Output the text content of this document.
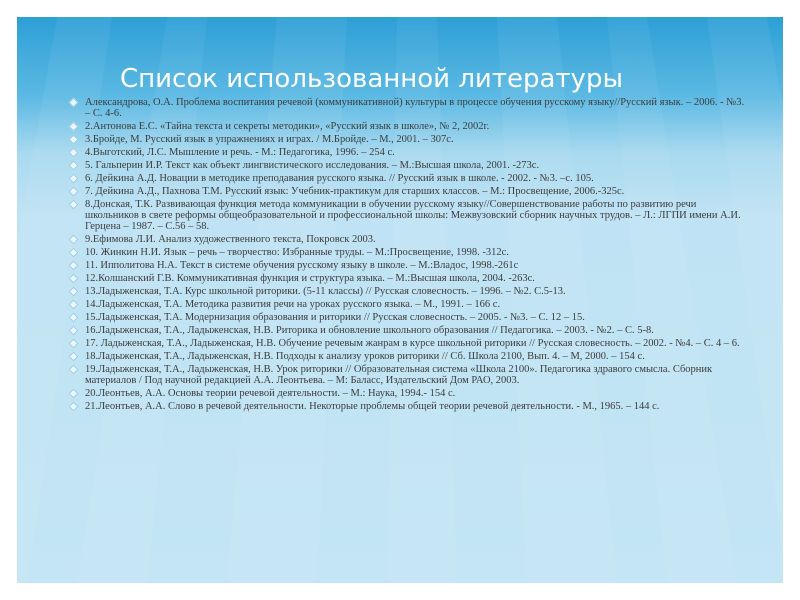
Список использованной литературы
Александрова, О.А. Проблема воспитания речевой (коммуникативной) культуры в процессе обучения русскому языку//Русский язык. – 2006. - №3. – С. 4-6.
2.Антонова Е.С. «Тайна текста и секреты методики», «Русский язык в школе», № 2, 2002г.
3.Бройде, М. Русский язык в упражнениях и играх. / М.Бройде. – М., 2001. – 307с.
4.Выготский, Л.С. Мышление и речь. - М.: Педагогика, 1996. – 254 с.
5. Гальперин И.Р. Текст как объект лингвистического исследования. – М.:Высшая школа, 2001. -273с.
6. Дейкина А.Д. Новации в методике преподавания русского языка. // Русский язык в школе. - 2002. - №3. –с. 105.
7. Дейкина А.Д., Пахнова Т.М. Русский язык: Учебник-практикум для старших классов. – М.: Просвещение, 2006.-325с.
8.Донская, Т.К. Развивающая функция метода коммуникации в обучении русскому языку//Совершенствование работы по развитию речи школьников в свете реформы общеобразовательной и профессиональной школы: Межвузовский сборник научных трудов. – Л.: ЛГПИ имени А.И. Герцена – 1987. – С.56 – 58.
9.Ефимова Л.И. Анализ художественного текста, Покровск 2003.
10. Жинкин Н.И. Язык – речь – творчество: Избранные труды. – М.:Просвещение, 1998. -312с.
11. Ипполитова Н.А. Текст в системе обучения русскому языку в школе. – М.:Владос, 1998.-261с
12.Колшанский Г.В. Коммуникативная функция и структура языка. – М.:Высшая школа, 2004. -263с.
13.Ладыженская, Т.А. Курс школьной риторики. (5-11 классы) // Русская словесность. – 1996. – №2. С.5-13.
14.Ладыженская, Т.А. Методика развития речи на уроках русского языка. – М., 1991. – 166 с.
15.Ладыженская, Т.А. Модернизация образования и риторики // Русская словесность. – 2005. - №3. – С. 12 – 15.
16.Ладыженская, Т.А., Ладыженская, Н.В. Риторика и обновление школьного образования // Педагогика. – 2003. - №2. – С. 5-8.
17. Ладыженская, Т.А., Ладыженская, Н.В. Обучение речевым жанрам в курсе школьной риторики // Русская словесность. – 2002. - №4. – С. 4 – 6.
18.Ладыженская, Т.А., Ладыженская, Н.В. Подходы к анализу уроков риторики // Сб. Школа 2100, Вып. 4. – М, 2000. – 154 с.
19.Ладыженская, Т.А., Ладыженская, Н.В. Урок риторики // Образовательная система «Школа 2100». Педагогика здравого смысла. Сборник материалов / Под научной редакцией А.А. Леонтьева. – М: Баласс, Издательский Дом РАО, 2003.
20.Леонтьев, А.А. Основы теории речевой деятельности. – М.: Наука, 1994.- 154 с.
21.Леонтьев, А.А. Слово в речевой деятельности. Некоторые проблемы общей теории речевой деятельности. - М., 1965. – 144 с.
